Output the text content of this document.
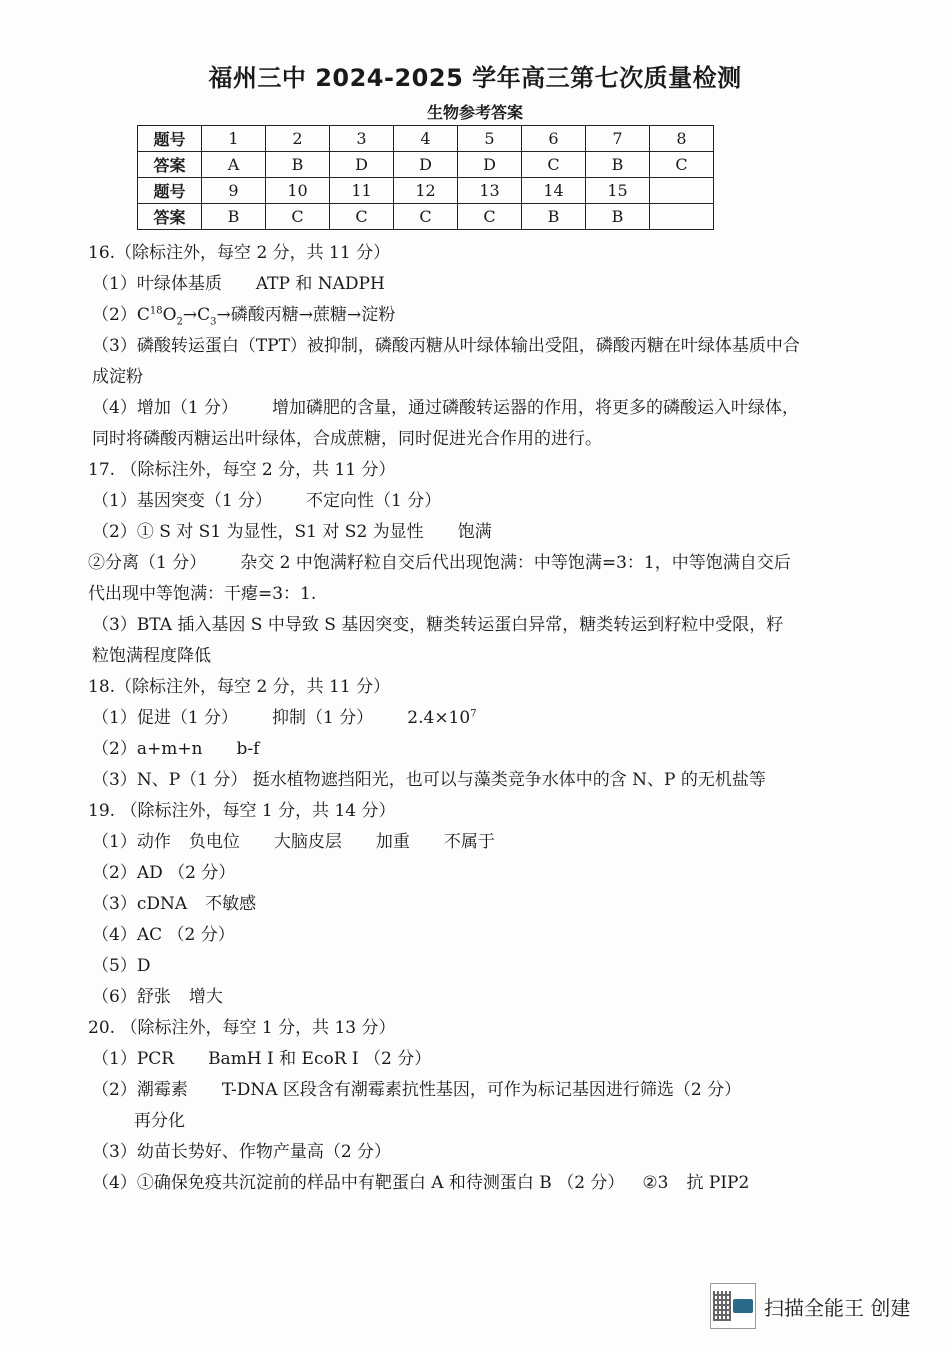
福州三中 2024-2025 学年高三第七次质量检测
生物参考答案
题号	1	2	3	4	5	6	7	8
答案	A	B	D	D	D	C	B	C
题号	9	10	11	12	13	14	15	
答案	B	C	C	C	C	B	B	
16.（除标注外，每空 2 分，共 11 分）
（1）叶绿体基质 ATP 和 NADPH
$(2)C^{18}O_2\to C_3\to$磷酸丙糖→蔗糖→淀粉
（3）磷酸转运蛋白（TPT）被抑制，磷酸丙糖从叶绿体输出受阻，磷酸丙糖在叶绿体基质中合成淀粉
（4）增加（1 分） 增加磷肥的含量，通过磷酸转运器的作用，将更多的磷酸运入叶绿体，同时将磷酸丙糖运出叶绿体，合成蔗糖，同时促进光合作用的进行。
17. （除标注外，每空 2 分，共 11 分）
（1）基因突变（1 分） 不定向性（1 分）
（2）① S 对 S1 为显性，S1 对 S2 为显性 饱满
②分离（1 分） 杂交 2 中饱满籽粒自交后代出现饱满：中等饱满=3：1，中等饱满自交后代出现中等饱满：干瘪=3：1.
（3）BTA 插入基因 S 中导致 S 基因突变，糖类转运蛋白异常，糖类转运到籽粒中受限，籽粒饱满程度降低
18.（除标注外，每空 2 分，共 11 分）
（1）促进（1 分） 抑制（1 分） $2.4\times 10^7$
（2）a+m+n b-f
（3）N、P（1 分） 挺水植物遮挡阳光，也可以与藻类竞争水体中的含 N、P 的无机盐等
19. （除标注外，每空 1 分，共 14 分）
（1）动作 负电位 大脑皮层 加重 不属于
（2）AD （2 分）
（3）cDNA 不敏感
（4）AC （2 分）
（5）D
（6）舒张 增大
20. （除标注外，每空 1 分，共 13 分）
（1）PCR BamH I 和 EcoR I （2 分）
（2）潮霉素 T-DNA 区段含有潮霉素抗性基因，可作为标记基因进行筛选（2 分）
再分化
（3）幼苗长势好、作物产量高（2 分）
（4）①确保免疫共沉淀前的样品中有靶蛋白 A 和待测蛋白 B （2 分） ②3 抗 PIP2
扫描全能王 创建
